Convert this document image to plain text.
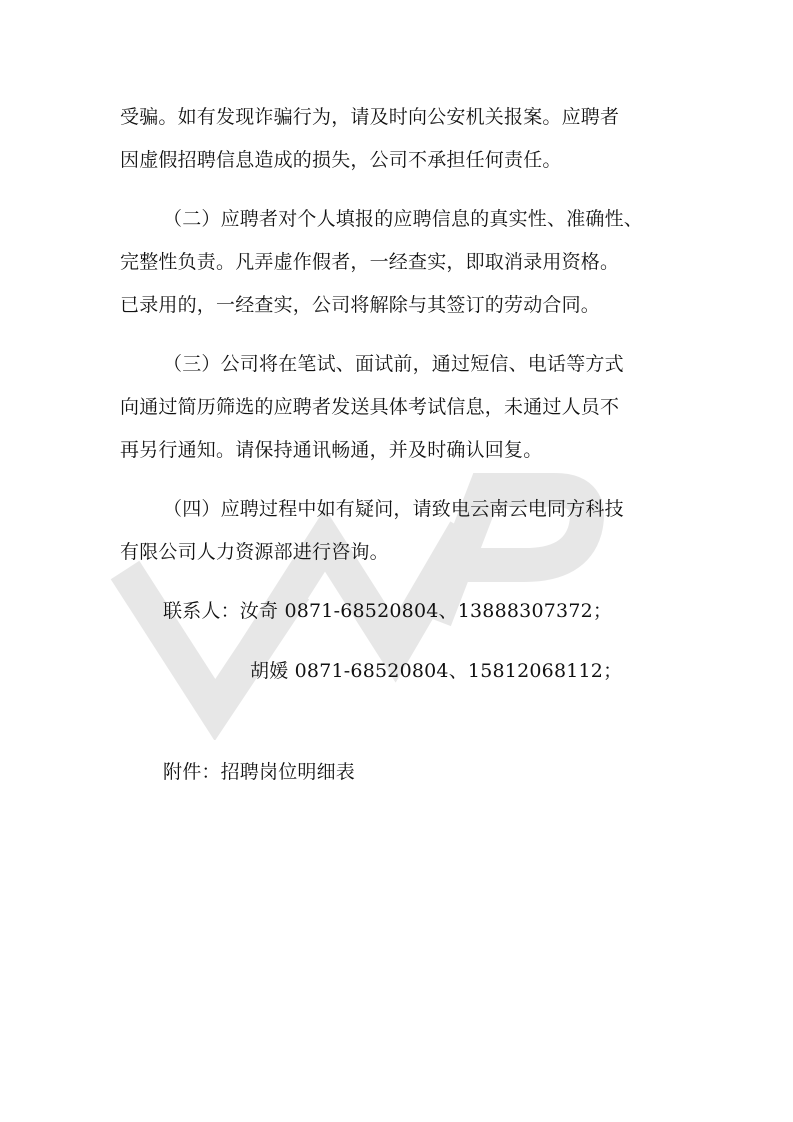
受骗。如有发现诈骗行为，请及时向公安机关报案。应聘者
因虚假招聘信息造成的损失，公司不承担任何责任。
（二）应聘者对个人填报的应聘信息的真实性、准确性、
完整性负责。凡弄虚作假者，一经查实，即取消录用资格。
已录用的，一经查实，公司将解除与其签订的劳动合同。
（三）公司将在笔试、面试前，通过短信、电话等方式
向通过简历筛选的应聘者发送具体考试信息，未通过人员不
再另行通知。请保持通讯畅通，并及时确认回复。
（四）应聘过程中如有疑问，请致电云南云电同方科技
有限公司人力资源部进行咨询。
联系人：汝奇 0871-68520804、13888307372；
胡媛 0871-68520804、15812068112；
附件：招聘岗位明细表
